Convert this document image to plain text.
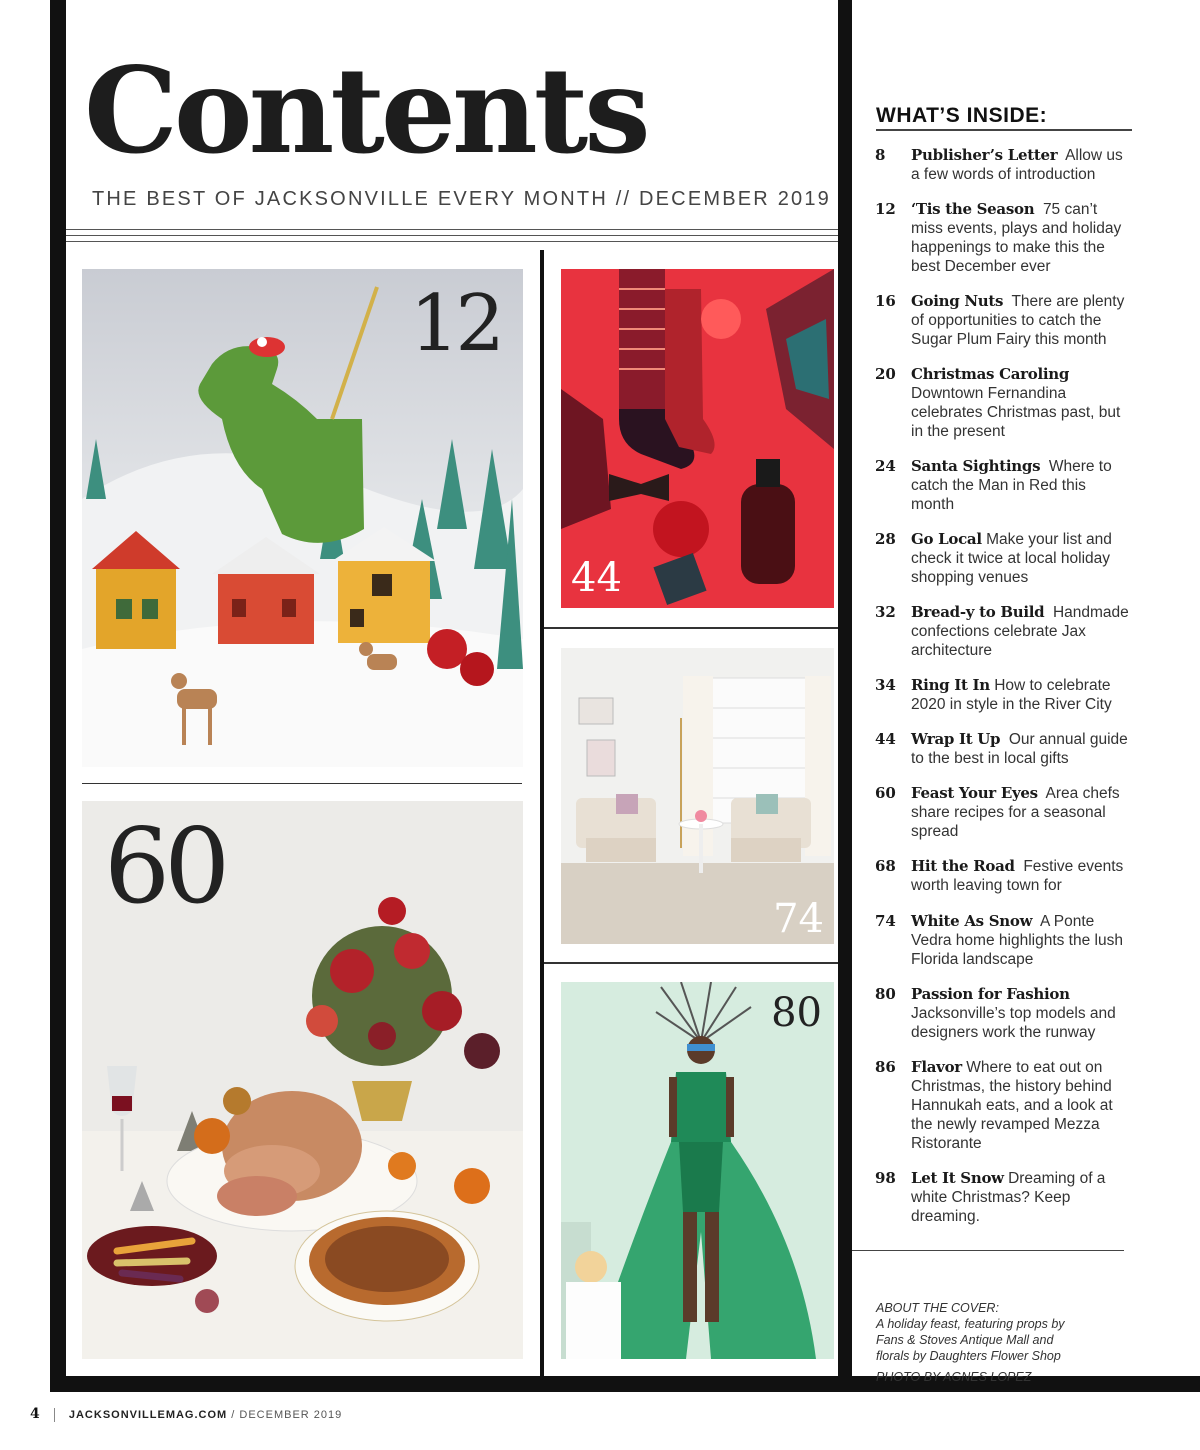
Contents
THE BEST OF JACKSONVILLE EVERY MONTH // DECEMBER 2019
12
44
74
60
80
WHAT’S INSIDE:
8 Publisher’s Letter Allow us a few words of introduction
12 ‘Tis the Season 75 can’t miss events, plays and holiday happenings to make this the best December ever
16 Going Nuts There are plenty of opportunities to catch the Sugar Plum Fairy this month
20 Christmas Caroling
Downtown Fernandina celebrates Christmas past, but in the present
24 Santa Sightings Where to catch the Man in Red this month
28 Go Local Make your list and check it twice at local holiday shopping venues
32 Bread-y to Build Handmade confections celebrate Jax architecture
34 Ring It In How to celebrate 2020 in style in the River City
44 Wrap It Up Our annual guide to the best in local gifts
60 Feast Your Eyes Area chefs share recipes for a seasonal spread
68 Hit the Road Festive events worth leaving town for
74 White As Snow A Ponte Vedra home highlights the lush Florida landscape
80 Passion for Fashion
Jacksonville’s top models and designers work the runway
86 Flavor Where to eat out on Christmas, the history behind Hannukah eats, and a look at the newly revamped Mezza Ristorante
98 Let It Snow Dreaming of a white Christmas? Keep dreaming.
ABOUT THE COVER:
A holiday feast, featuring props by
Fans & Stoves Antique Mall and
florals by Daughters Flower Shop
PHOTO BY AGNES LOPEZ
4	JACKSONVILLEMAG.COM / DECEMBER 2019
